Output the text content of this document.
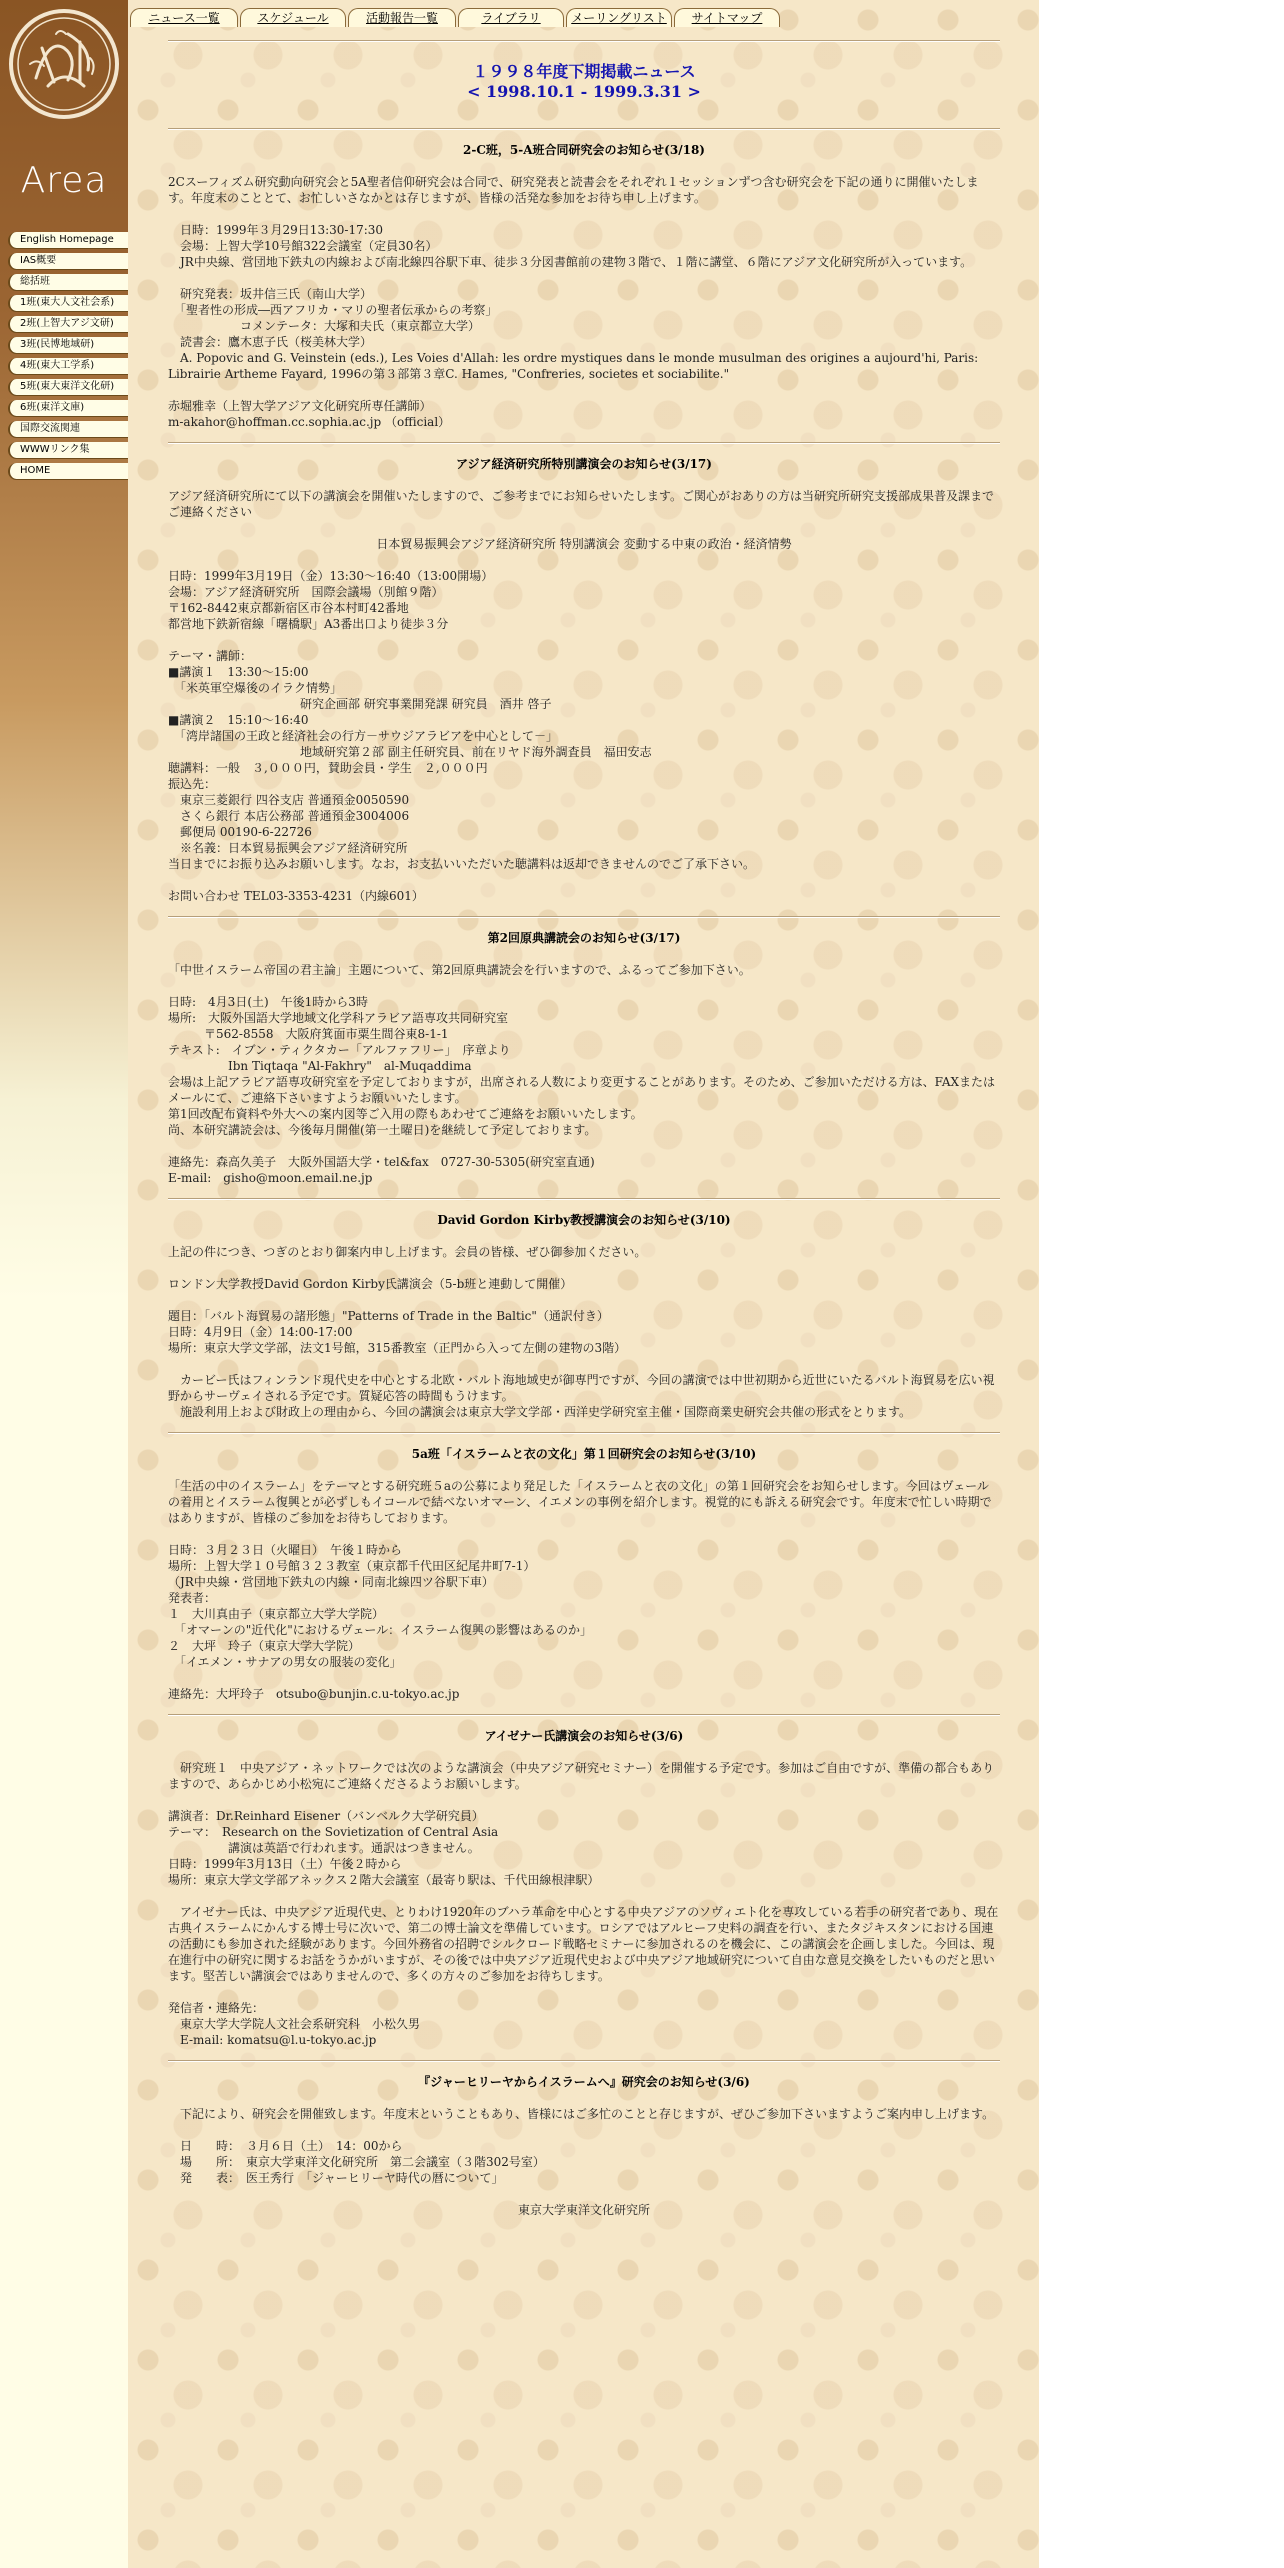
Area
English Homepage
IAS概要
総括班
1班(東大人文社会系)
2班(上智大アジ文研)
3班(民博地域研)
4班(東大工学系)
5班(東大東洋文化研)
6班(東洋文庫)
国際交流関連
WWWリンク集
HOME
ニュース一覧	スケジュール	活動報告一覧	ライブラリ	メーリングリスト	サイトマップ
１９９８年度下期掲載ニュース
< 1998.10.1 - 1999.3.31 >
2-C班，5-A班合同研究会のお知らせ(3/18)
2Cスーフィズム研究動向研究会と5A聖者信仰研究会は合同で、研究発表と読書会をそれぞれ１セッションずつ含む研究会を下記の通りに開催いたします。年度末のこととて、お忙しいさなかとは存じますが、皆様の活発な参加をお待ち申し上げます。
　日時：1999年３月29日13:30-17:30
　会場：上智大学10号館322会議室（定員30名）
　JR中央線、営団地下鉄丸の内線および南北線四谷駅下車、徒歩３分図書館前の建物３階で、１階に講堂、６階にアジア文化研究所が入っています。
　研究発表：坂井信三氏（南山大学）
　「聖者性の形成―西アフリカ・マリの聖者伝承からの考察」
　　　　　　コメンテータ：大塚和夫氏（東京都立大学）
　読書会：鷹木恵子氏（桜美林大学）
　A. Popovic and G. Veinstein (eds.), Les Voies d'Allah: les ordre mystiques dans le monde musulman des origines a aujourd'hi, Paris: Librairie Artheme Fayard, 1996の第３部第３章C. Hames, "Confreries, societes et sociabilite."
赤堀雅幸（上智大学アジア文化研究所専任講師）
m-akahor@hoffman.cc.sophia.ac.jp （official）
アジア経済研究所特別講演会のお知らせ(3/17)
アジア経済研究所にて以下の講演会を開催いたしますので、ご参考までにお知らせいたします。ご関心がおありの方は当研究所研究支援部成果普及課までご連絡ください
日本貿易振興会アジア経済研究所 特別講演会 変動する中東の政治・経済情勢
日時：1999年3月19日（金）13:30～16:40（13:00開場）
会場：アジア経済研究所　国際会議場（別館９階）
〒162-8442東京都新宿区市谷本村町42番地
都営地下鉄新宿線「曙橋駅」A3番出口より徒歩３分
テーマ・講師：
■講演１　13:30～15:00
　「米英軍空爆後のイラク情勢」
　　　　　　　　　　　研究企画部 研究事業開発課 研究員　酒井 啓子
■講演２　15:10～16:40
　「湾岸諸国の王政と経済社会の行方－サウジアラビアを中心として－」
　　　　　　　　　　　地域研究第２部 副主任研究員、前在リヤド海外調査員　福田安志
聴講料：一般　３,０００円，賛助会員・学生　２,０００円
振込先：
　東京三菱銀行 四谷支店 普通預金0050590
　さくら銀行 本店公務部 普通預金3004006
　郵便局 00190-6-22726
　※名義：日本貿易振興会アジア経済研究所
当日までにお振り込みお願いします。なお，お支払いいただいた聴講料は返却できませんのでご了承下さい。
お問い合わせ TEL03-3353-4231（内線601）
第2回原典講読会のお知らせ(3/17)
「中世イスラーム帝国の君主論」主題について、第2回原典講読会を行いますので、ふるってご参加下さい。
日時:　4月3日(土)　午後1時から3時
場所:　大阪外国語大学地域文化学科アラビア語専攻共同研究室
　　　〒562-8558　大阪府箕面市粟生間谷東8-1-1
テキスト:　イブン・ティクタカー「アルファフリー」　序章より
　　　　　Ibn Tiqtaqa "Al-Fakhry"　al-Muqaddima
会場は上記アラビア語専攻研究室を予定しておりますが，出席される人数により変更することがあります。そのため、ご参加いただける方は、FAXまたはメールにて、ご連絡下さいますようお願いいたします。
第1回改配布資料や外大への案内図等ご入用の際もあわせてご連絡をお願いいたします。
尚、本研究講読会は、今後毎月開催(第一土曜日)を継続して予定しております。
連絡先：森高久美子　大阪外国語大学・tel&fax　0727-30-5305(研究室直通)
E-mail:　gisho@moon.email.ne.jp
David Gordon Kirby教授講演会のお知らせ(3/10)
上記の件につき、つぎのとおり御案内申し上げます。会員の皆様、ぜひ御参加ください。
ロンドン大学教授David Gordon Kirby氏講演会（5-b班と連動して開催）
題目：「バルト海貿易の諸形態」"Patterns of Trade in the Baltic"（通訳付き）
日時：4月9日（金）14:00-17:00
場所：東京大学文学部，法文1号館，315番教室（正門から入って左側の建物の3階）
　カービー氏はフィンランド現代史を中心とする北欧・バルト海地域史が御専門ですが、今回の講演では中世初期から近世にいたるバルト海貿易を広い視野からサーヴェイされる予定です。質疑応答の時間もうけます。
　施設利用上および財政上の理由から、今回の講演会は東京大学文学部・西洋史学研究室主催・国際商業史研究会共催の形式をとります。
5a班「イスラームと衣の文化」第１回研究会のお知らせ(3/10)
「生活の中のイスラーム」をテーマとする研究班５aの公募により発足した「イスラームと衣の文化」の第１回研究会をお知らせします。今回はヴェールの着用とイスラーム復興とが必ずしもイコールで結べないオマーン、イエメンの事例を紹介します。視覚的にも訴える研究会です。年度末で忙しい時期ではありますが、皆様のご参加をお待ちしております。
日時：３月２３日（火曜日）　午後１時から
場所：上智大学１０号館３２３教室（東京都千代田区紀尾井町7-1）
（JR中央線・営団地下鉄丸の内線・同南北線四ツ谷駅下車）
発表者：
１　大川真由子（東京都立大学大学院）
　「オマーンの"近代化"におけるヴェール：イスラーム復興の影響はあるのか」
２　大坪　玲子（東京大学大学院）
　「イエメン・サナアの男女の服装の変化」
連絡先：大坪玲子　otsubo@bunjin.c.u-tokyo.ac.jp
アイゼナー氏講演会のお知らせ(3/6)
　研究班１　中央アジア・ネットワークでは次のような講演会（中央アジア研究セミナー）を開催する予定です。参加はご自由ですが、準備の都合もありますので、あらかじめ小松宛にご連絡くださるようお願いします。
講演者：Dr.Reinhard Eisener（バンベルク大学研究員）
テーマ：　Research on the Sovietization of Central Asia
　　　　　講演は英語で行われます。通訳はつきません。
日時：1999年3月13日（土）午後２時から
場所：東京大学文学部アネックス２階大会議室（最寄り駅は、千代田線根津駅）
　アイゼナー氏は、中央アジア近現代史、とりわけ1920年のブハラ革命を中心とする中央アジアのソヴィエト化を専攻している若手の研究者であり、現在古典イスラームにかんする博士号に次いで、第二の博士論文を準備しています。ロシアではアルヒーフ史料の調査を行い、またタジキスタンにおける国連の活動にも参加された経験があります。今回外務省の招聘でシルクロード戦略セミナーに参加されるのを機会に、この講演会を企画しました。今回は、現在進行中の研究に関するお話をうかがいますが、その後では中央アジア近現代史および中央アジア地域研究について自由な意見交換をしたいものだと思います。堅苦しい講演会ではありませんので、多くの方々のご参加をお待ちします。
発信者・連絡先：
　東京大学大学院人文社会系研究科　小松久男
　E-mail: komatsu@l.u-tokyo.ac.jp
『ジャーヒリーヤからイスラームへ』研究会のお知らせ(3/6)
　下記により、研究会を開催致します。年度末ということもあり、皆様にはご多忙のことと存じますが、ぜひご参加下さいますようご案内申し上げます。
　日　　時：　３月６日（土）　14：00から
　場　　所：　東京大学東洋文化研究所　第二会議室（３階302号室）
　発　　表：　医王秀行　「ジャーヒリーヤ時代の暦について」
東京大学東洋文化研究所
